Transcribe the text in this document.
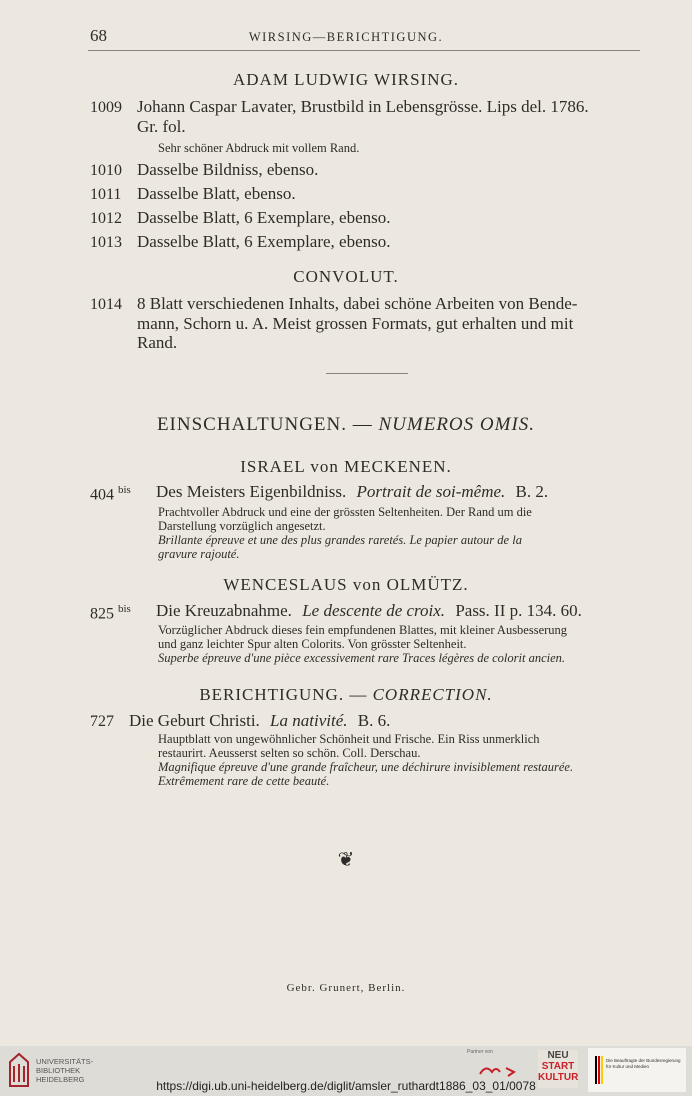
68	WIRSING—BERICHTIGUNG.
ADAM LUDWIG WIRSING.
1009 Johann Caspar Lavater, Brustbild in Lebensgrösse. Lips del. 1786.
Gr. fol.
Sehr schöner Abdruck mit vollem Rand.
1010 Dasselbe Bildniss, ebenso.
1011 Dasselbe Blatt, ebenso.
1012 Dasselbe Blatt, 6 Exemplare, ebenso.
1013 Dasselbe Blatt, 6 Exemplare, ebenso.
CONVOLUT.
1014 8 Blatt verschiedenen Inhalts, dabei schöne Arbeiten von Bende-
mann, Schorn u. A. Meist grossen Formats, gut erhalten und mit
Rand.
EINSCHALTUNGEN. — NUMEROS OMIS.
ISRAEL von MECKENEN.
404 $^{bis}$ Des Meisters Eigenbildniss. Portrait de soi-même. B. 2.
Prachtvoller Abdruck und eine der grössten Seltenheiten. Der Rand um die
Darstellung vorzüglich angesetzt.
Brillante épreuve et une des plus grandes raretés. Le papier autour de la
gravure rajouté.
WENCESLAUS von OLMÜTZ.
825 $^{bis}$ Die Kreuzabnahme. Le descente de croix. Pass. II p. 134. 60.
Vorzüglicher Abdruck dieses fein empfundenen Blattes, mit kleiner Ausbesserung
und ganz leichter Spur alten Colorits. Von grösster Seltenheit.
Superbe épreuve d'une pièce excessivement rare Traces légères de colorit ancien.
BERICHTIGUNG. — CORRECTION.
727 Die Geburt Christi. La nativité. B. 6.
Hauptblatt von ungewöhnlicher Schönheit und Frische. Ein Riss unmerklich
restaurirt. Aeusserst selten so schön. Coll. Derschau.
Magnifique épreuve d'une grande fraîcheur, une déchirure invisiblement restaurée.
Extrêmement rare de cette beauté.
❦
Gebr. Grunert, Berlin.
UNIVERSITÄTS-
BIBLIOTHEK
HEIDELBERG
Partner von	NEU
START
KULTUR
Die Beauftragte der Bundesregierung
für Kultur und Medien
https://digi.ub.uni-heidelberg.de/diglit/amsler_ruthardt1886_03_01/0078
